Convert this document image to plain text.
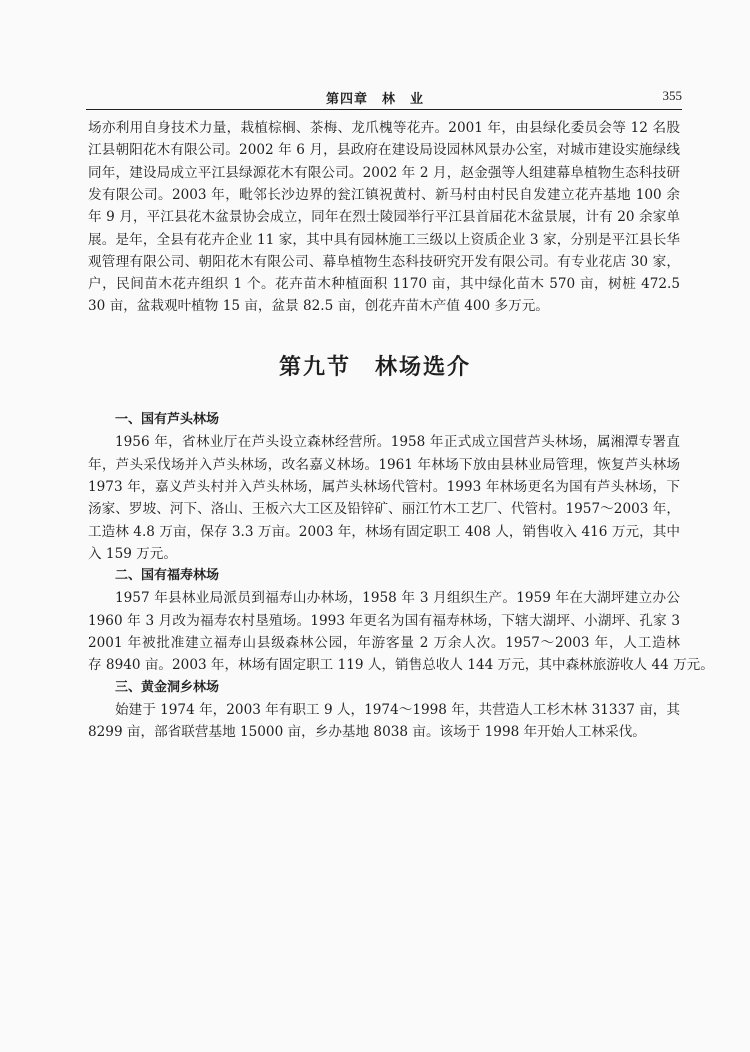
第四章　林　业	355
场亦利用自身技术力量，栽植棕榈、茶梅、龙爪槐等花卉。2001 年，由县绿化委员会等 12 名股
江县朝阳花木有限公司。2002 年 6 月，县政府在建设局设园林风景办公室，对城市建设实施绿线
同年，建设局成立平江县绿源花木有限公司。2002 年 2 月，赵金强等人组建幕阜植物生态科技研
发有限公司。2003 年，毗邻长沙边界的瓮江镇祝黄村、新马村由村民自发建立花卉基地 100 余
年 9 月，平江县花木盆景协会成立，同年在烈士陵园举行平江县首届花木盆景展，计有 20 余家单
展。是年，全县有花卉企业 11 家，其中具有园林施工三级以上资质企业 3 家，分别是平江县长华
观管理有限公司、朝阳花木有限公司、幕阜植物生态科技研究开发有限公司。有专业花店 30 家，
户，民间苗木花卉组织 1 个。花卉苗木种植面积 1170 亩，其中绿化苗木 570 亩，树桩 472.5
30 亩，盆栽观叶植物 15 亩，盆景 82.5 亩，创花卉苗木产值 400 多万元。
第九节　林场选介
一、国有芦头林场
1956 年，省林业厅在芦头设立森林经营所。1958 年正式成立国营芦头林场，属湘潭专署直
年，芦头采伐场并入芦头林场，改名嘉义林场。1961 年林场下放由县林业局管理，恢复芦头林场
1973 年，嘉义芦头村并入芦头林场，属芦头林场代管村。1993 年林场更名为国有芦头林场，下
汤家、罗坡、河下、洛山、王板六大工区及铅锌矿、丽江竹木工艺厂、代管村。1957～2003 年，
工造林 4.8 万亩，保存 3.3 万亩。2003 年，林场有固定职工 408 人，销售收入 416 万元，其中
入 159 万元。
二、国有福寿林场
1957 年县林业局派员到福寿山办林场，1958 年 3 月组织生产。1959 年在大湖坪建立办公
1960 年 3 月改为福寿农村垦殖场。1993 年更名为国有福寿林场，下辖大湖坪、小湖坪、孔家 3
2001 年被批准建立福寿山县级森林公园，年游客量 2 万余人次。1957～2003 年，人工造林
存 8940 亩。2003 年，林场有固定职工 119 人，销售总收人 144 万元，其中森林旅游收人 44 万元。
三、黄金洞乡林场
始建于 1974 年，2003 年有职工 9 人，1974～1998 年，共营造人工杉木林 31337 亩，其
8299 亩，部省联营基地 15000 亩，乡办基地 8038 亩。该场于 1998 年开始人工林采伐。
